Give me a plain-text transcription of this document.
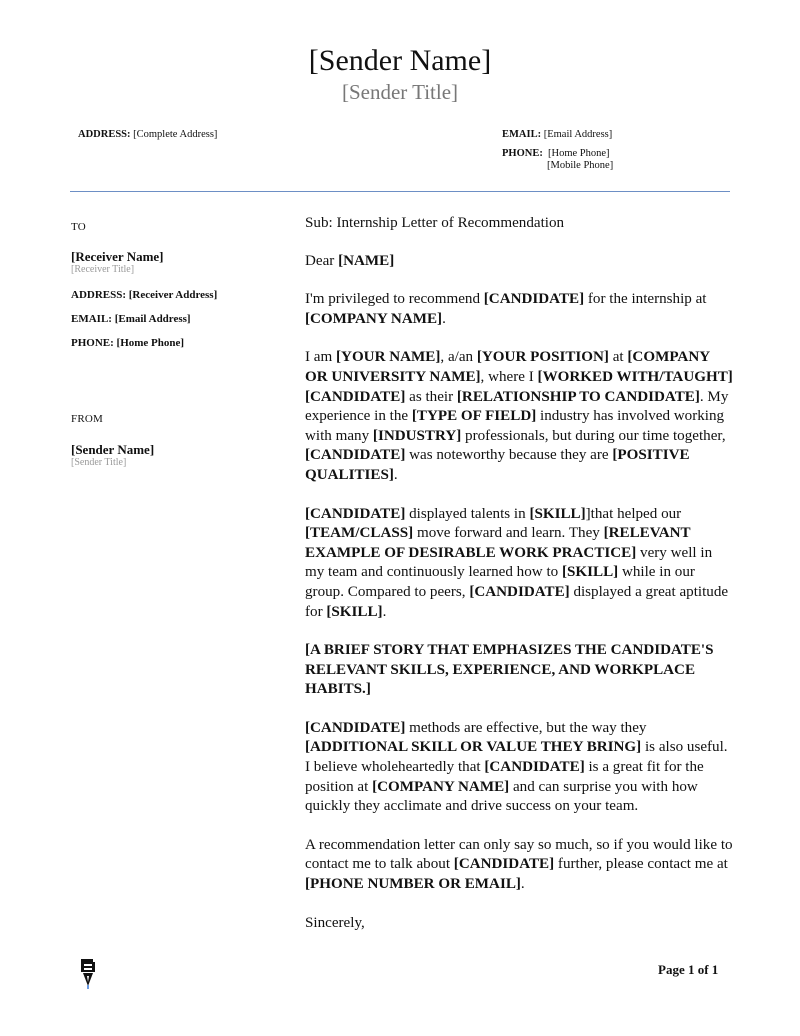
[Sender Name]
[Sender Title]
ADDRESS: [Complete Address]	EMAIL: [Email Address]
PHONE: [Home Phone]
[Mobile Phone]
TO
[Receiver Name]
[Receiver Title]
ADDRESS: [Receiver Address]
EMAIL: [Email Address]
PHONE: [Home Phone]
FROM
[Sender Name]
[Sender Title]

Sub: Internship Letter of Recommendation

Dear [NAME]

I'm privileged to recommend [CANDIDATE] for the internship at [COMPANY NAME].

I am [YOUR NAME], a/an [YOUR POSITION] at [COMPANY OR UNIVERSITY NAME], where I [WORKED WITH/TAUGHT] [CANDIDATE] as their [RELATIONSHIP TO CANDIDATE]. My experience in the [TYPE OF FIELD] industry has involved working with many [INDUSTRY] professionals, but during our time together, [CANDIDATE] was noteworthy because they are [POSITIVE QUALITIES].

[CANDIDATE] displayed talents in [SKILL]]that helped our [TEAM/CLASS] move forward and learn. They [RELEVANT EXAMPLE OF DESIRABLE WORK PRACTICE] very well in my team and continuously learned how to [SKILL] while in our group. Compared to peers, [CANDIDATE] displayed a great aptitude for [SKILL].

[A BRIEF STORY THAT EMPHASIZES THE CANDIDATE'S RELEVANT SKILLS, EXPERIENCE, AND WORKPLACE HABITS.]

[CANDIDATE] methods are effective, but the way they [ADDITIONAL SKILL OR VALUE THEY BRING] is also useful. I believe wholeheartedly that [CANDIDATE] is a great fit for the position at [COMPANY NAME] and can surprise you with how quickly they acclimate and drive success on your team.

A recommendation letter can only say so much, so if you would like to contact me to talk about [CANDIDATE] further, please contact me at [PHONE NUMBER OR EMAIL].

Sincerely,

Page 1 of 1
